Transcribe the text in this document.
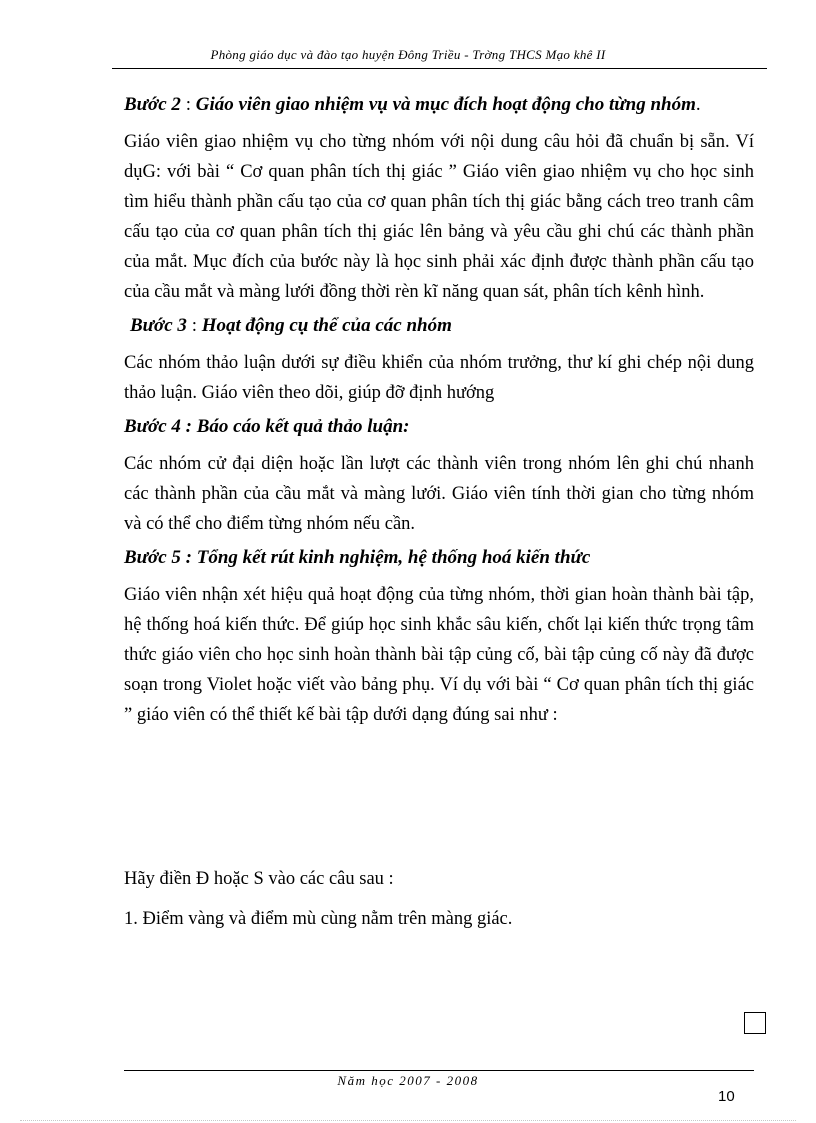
Phòng giáo dục và đào tạo huyện Đông Triều - Trờng THCS Mạo khê II

Bước 2 : Giáo viên giao nhiệm vụ và mục đích hoạt động cho từng nhóm.

Giáo viên giao nhiệm vụ cho từng nhóm với nội dung câu hỏi đã chuẩn bị sẵn. Ví dụG: với bài “ Cơ quan phân tích thị giác ” Giáo viên giao nhiệm vụ cho học sinh tìm hiểu thành phần cấu tạo của cơ quan phân tích thị giác bằng cách treo tranh câm cấu tạo của cơ quan phân tích thị giác lên bảng và yêu cầu ghi chú các thành phần của mắt. Mục đích của bước này là học sinh phải xác định được thành phần cấu tạo của cầu mắt và màng lưới đồng thời rèn kĩ năng quan sát, phân tích kênh hình.

Bước 3 : Hoạt động cụ thể của các nhóm

Các nhóm thảo luận dưới sự điều khiển của nhóm trưởng, thư kí ghi chép nội dung thảo luận. Giáo viên theo dõi, giúp đỡ định hướng

Bước 4 : Báo cáo kết quả thảo luận:

Các nhóm cử đại diện hoặc lần lượt các thành viên trong nhóm lên ghi chú nhanh các thành phần của cầu mắt và màng lưới. Giáo viên tính thời gian cho từng nhóm và có thể cho điểm từng nhóm nếu cần.

Bước 5 : Tổng kết rút kinh nghiệm, hệ thống hoá kiến thức

Giáo viên nhận xét hiệu quả hoạt động của từng nhóm, thời gian hoàn thành bài tập, hệ thống hoá kiến thức. Để giúp học sinh khắc sâu kiến, chốt lại kiến thức trọng tâm thức giáo viên cho học sinh hoàn thành bài tập củng cố, bài tập củng cố này đã được soạn trong Violet hoặc viết vào bảng phụ. Ví dụ với bài “ Cơ quan phân tích thị giác ” giáo viên có thể thiết kế bài tập dưới dạng đúng sai như :

Hãy điền Đ hoặc S vào các câu sau :

1. Điểm vàng và điểm mù cùng nằm trên màng giác.
Năm học 2007 - 2008
10
